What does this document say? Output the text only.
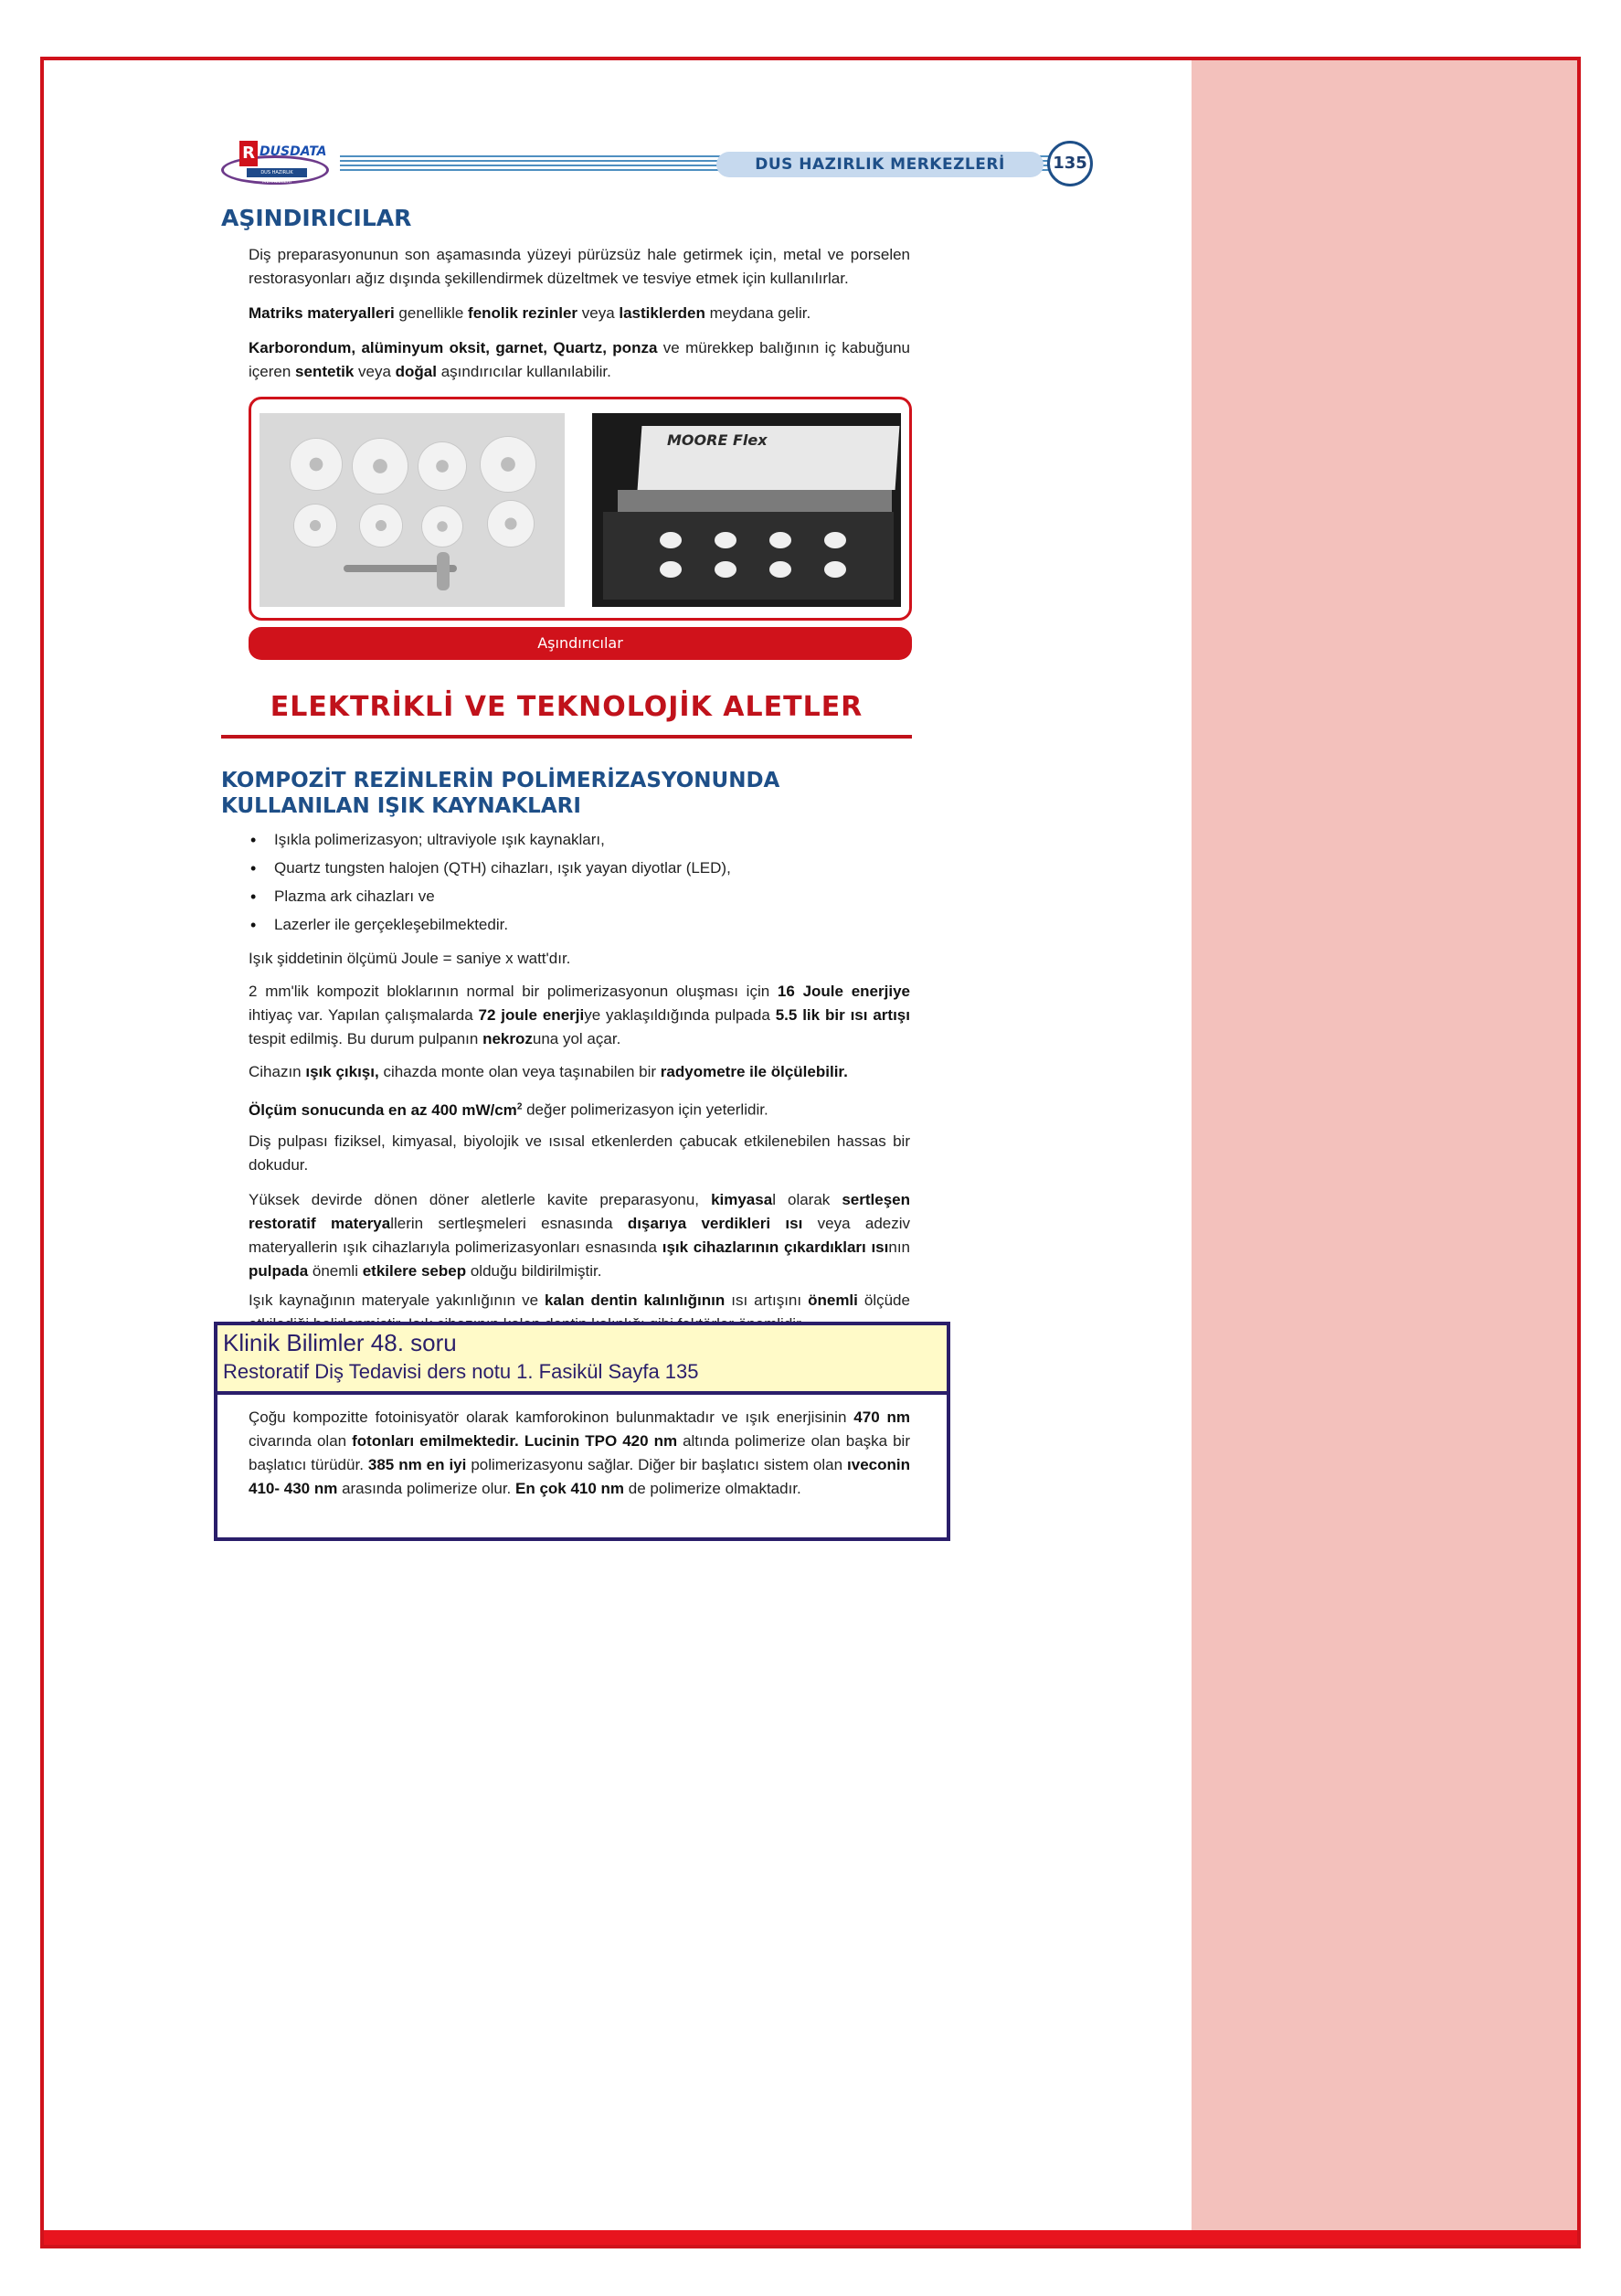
R DUSDATA
DUS HAZIRLIK MERKEZLERİ
DUS HAZIRLIK MERKEZLERİ	135
AŞINDIRICILAR
Diş preparasyonunun son aşamasında yüzeyi pürüzsüz hale getirmek için, metal ve porselen restorasyonları ağız dışında şekillendirmek düzeltmek ve tesviye etmek için kullanılırlar.
Matriks materyalleri genellikle fenolik rezinler veya lastiklerden meydana gelir.
Karborondum, alüminyum oksit, garnet, Quartz, ponza ve mürekkep balığının iç kabuğunu içeren sentetik veya doğal aşındırıcılar kullanılabilir.
MOORE Flex
Aşındırıcılar
ELEKTRİKLİ VE TEKNOLOJİK ALETLER
KOMPOZİT REZİNLERİN POLİMERİZASYONUNDA
KULLANILAN IŞIK KAYNAKLARI
• Işıkla polimerizasyon; ultraviyole ışık kaynakları,
• Quartz tungsten halojen (QTH) cihazları, ışık yayan diyotlar (LED),
• Plazma ark cihazları ve
• Lazerler ile gerçekleşebilmektedir.
Işık şiddetinin ölçümü Joule = saniye x watt'dır.
2 mm'lik kompozit bloklarının normal bir polimerizasyonun oluşması için 16 Joule enerjiye ihtiyaç var. Yapılan çalışmalarda 72 joule enerjiye yaklaşıldığında pulpada 5.5 lik bir ısı artışı tespit edilmiş. Bu durum pulpanın nekrozuna yol açar.
Cihazın ışık çıkışı, cihazda monte olan veya taşınabilen bir radyometre ile ölçülebilir.
Ölçüm sonucunda en az 400 $mW/cm^2$ değer polimerizasyon için yeterlidir.
Diş pulpası fiziksel, kimyasal, biyolojik ve ısısal etkenlerden çabucak etkilenebilen hassas bir dokudur.
Yüksek devirde dönen döner aletlerle kavite preparasyonu, kimyasal olarak sertleşen restoratif materyallerin sertleşmeleri esnasında dışarıya verdikleri ısı veya adeziv materyallerin ışık cihazlarıyla polimerizasyonları esnasında ışık cihazlarının çıkardıkları ısının pulpada önemli etkilere sebep olduğu bildirilmiştir.
Işık kaynağının materyale yakınlığının ve kalan dentin kalınlığının ısı artışını önemli ölçüde
Klinik Bilimler 48. soru
Restoratif Diş Tedavisi ders notu 1. Fasikül Sayfa 135
Çoğu kompozitte fotoinisyatör olarak kamforokinon bulunmaktadır ve ışık enerjisinin 470 nm civarında olan fotonları emilmektedir. Lucinin TPO 420 nm altında polimerize olan başka bir başlatıcı türüdür. 385 nm en iyi polimerizasyonu sağlar. Diğer bir başlatıcı sistem olan ıveconin 410- 430 nm arasında polimerize olur. En çok 410 nm de polimerize olmaktadır.
